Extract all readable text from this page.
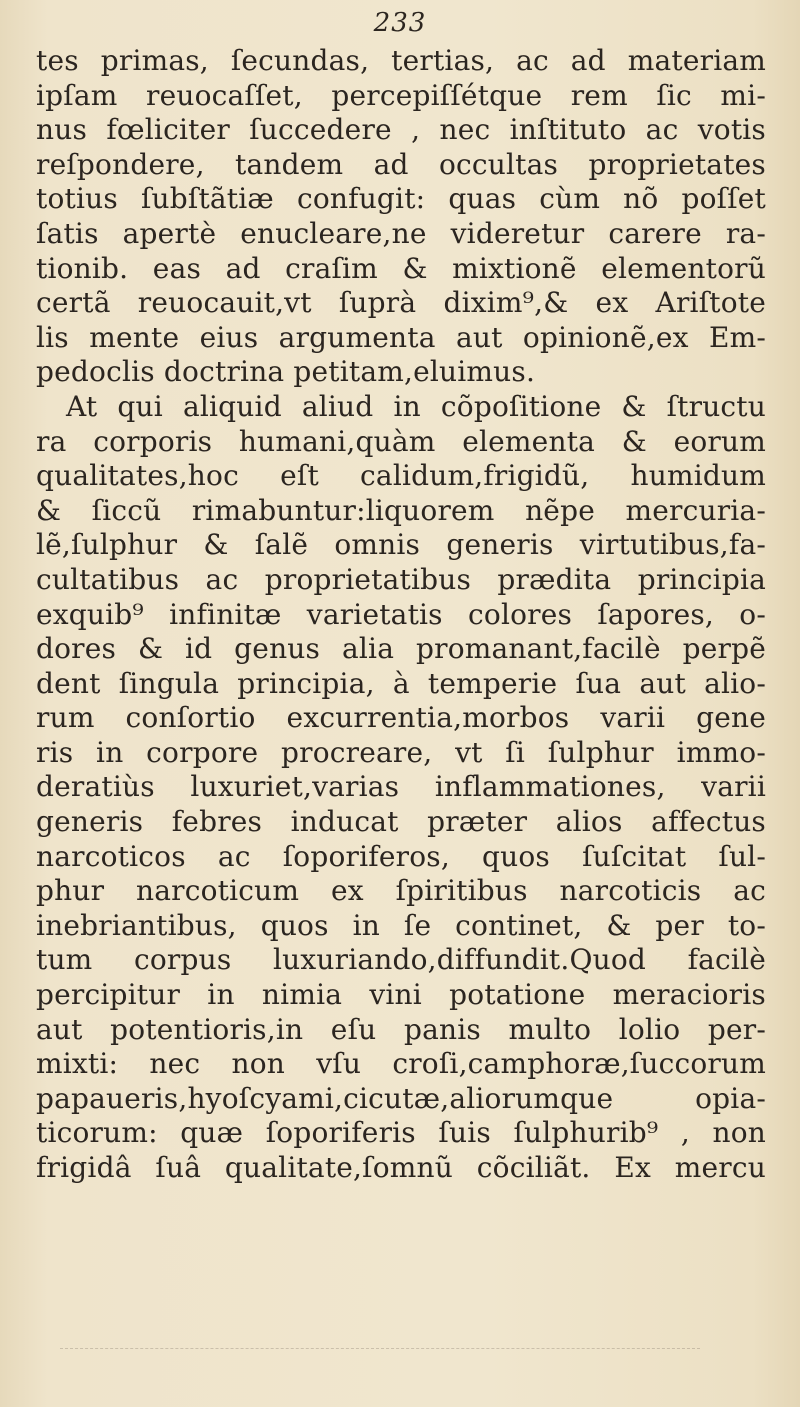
233
tes primas, ſecundas, tertias, ac ad materiam
ipſam reuocaſſet, percepiſſétque rem ſic mi-
nus fœliciter ſuccedere , nec inſtituto ac votis
reſpondere, tandem ad occultas proprietates
totius ſubſtãtiæ confugit: quas cùm nõ poſſet
ſatis apertè enucleare,ne videretur carere ra-
tionib. eas ad craſim & mixtionẽ elementorũ
certã reuocauit,vt ſuprà dixim⁹,& ex Ariſtote
lis mente eius argumenta aut opinionẽ,ex Em-
pedoclis doctrina petitam,eluimus.
At qui aliquid aliud in cõpoſitione & ſtructu
ra corporis humani,quàm elementa & eorum
qualitates,hoc eſt calidum,frigidũ, humidum
& ſiccũ rimabuntur:liquorem nẽpe mercuria-
lẽ,ſulphur & ſalẽ omnis generis virtutibus,fa-
cultatibus ac proprietatibus prædita principia
exquib⁹ infinitæ varietatis colores ſapores, o-
dores & id genus alia promanant,facilè perpẽ
dent ſingula principia, à temperie ſua aut alio-
rum conſortio excurrentia,morbos varii gene
ris in corpore procreare, vt ſi ſulphur immo-
deratiùs luxuriet,varias inflammationes, varii
generis febres inducat præter alios affectus
narcoticos ac ſoporiferos, quos ſuſcitat ſul-
phur narcoticum ex ſpiritibus narcoticis ac
inebriantibus, quos in ſe continet, & per to-
tum corpus luxuriando,diffundit.Quod facilè
percipitur in nimia vini potatione meracioris
aut potentioris,in eſu panis multo lolio per-
mixti: nec non vſu croſi,camphoræ,ſuccorum
papaueris,hyoſcyami,cicutæ,aliorumque opia-
ticorum: quæ ſoporiferis ſuis ſulphurib⁹ , non
frigidâ ſuâ qualitate,ſomnũ cõciliãt. Ex mercu
